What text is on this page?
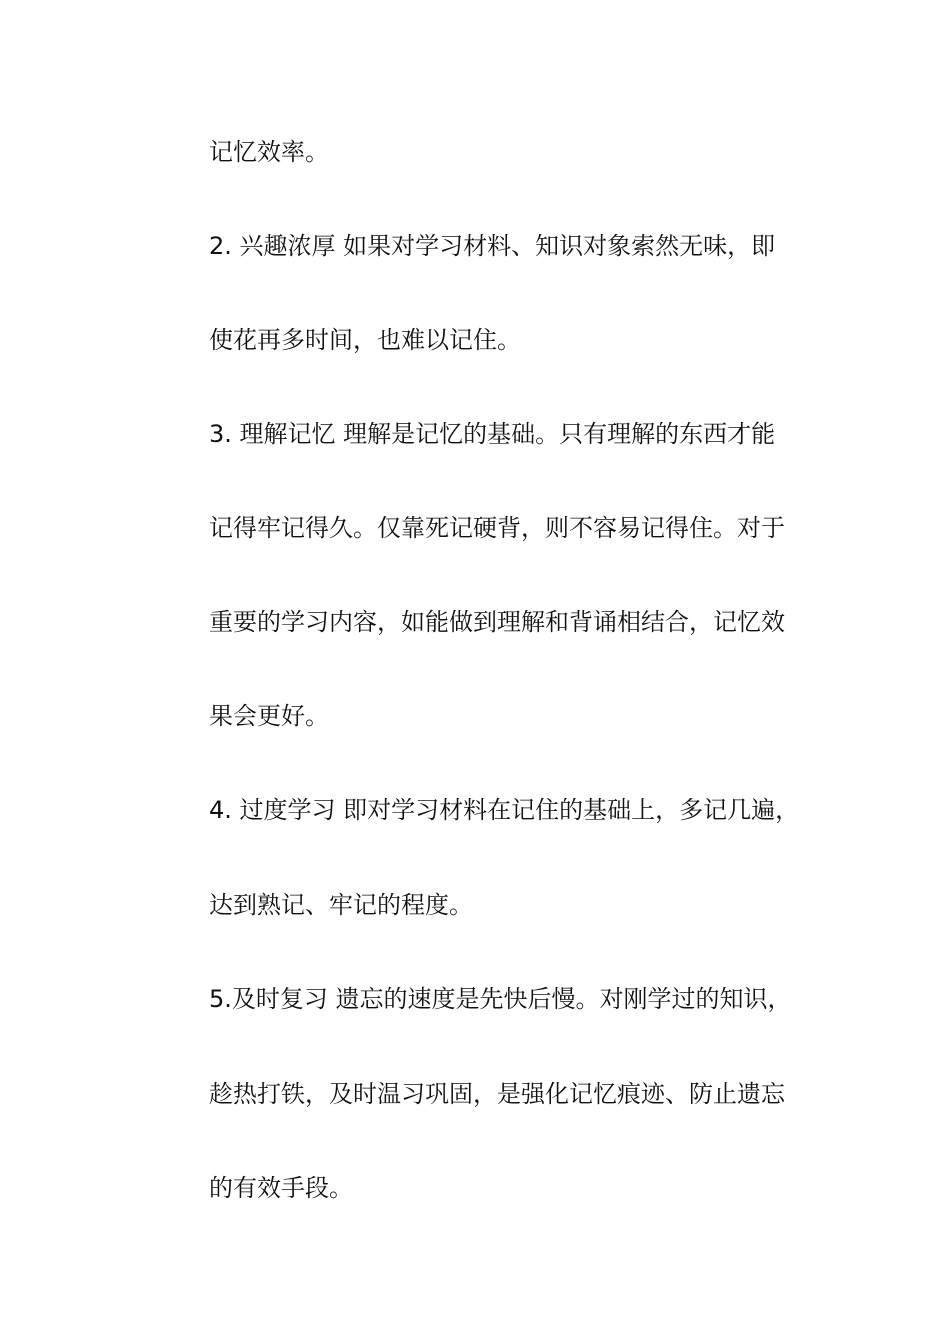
记忆效率。
2. 兴趣浓厚 如果对学习材料、知识对象索然无味，即
使花再多时间，也难以记住。
3. 理解记忆 理解是记忆的基础。只有理解的东西才能
记得牢记得久。仅靠死记硬背，则不容易记得住。对于
重要的学习内容，如能做到理解和背诵相结合，记忆效
果会更好。
4. 过度学习 即对学习材料在记住的基础上，多记几遍，
达到熟记、牢记的程度。
5.及时复习 遗忘的速度是先快后慢。对刚学过的知识，
趁热打铁，及时温习巩固，是强化记忆痕迹、防止遗忘
的有效手段。
